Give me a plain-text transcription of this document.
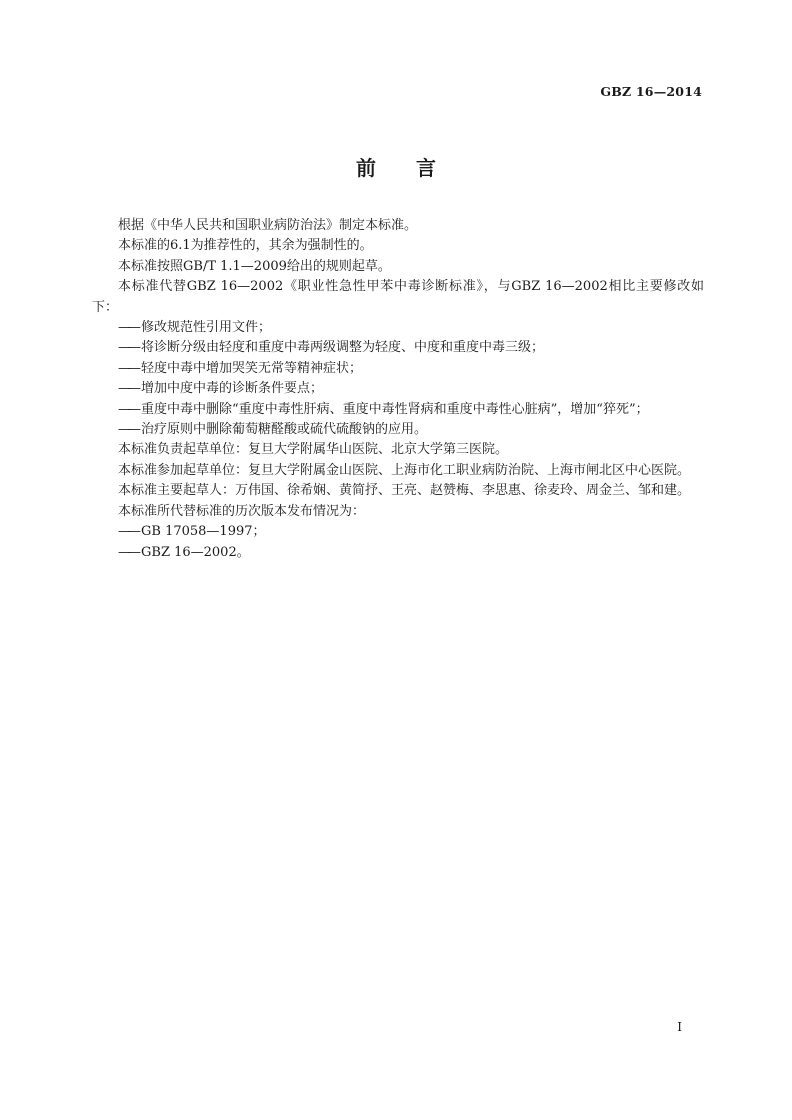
GBZ 16—2014
前言

根据《中华人民共和国职业病防治法》制定本标准。

本标准的6.1为推荐性的，其余为强制性的。

本标准按照GB/T 1.1—2009给出的规则起草。

本标准代替GBZ 16—2002《职业性急性甲苯中毒诊断标准》，与GBZ 16—2002相比主要修改如下：

—— 修改规范性引用文件；

—— 将诊断分级由轻度和重度中毒两级调整为轻度、中度和重度中毒三级；

—— 轻度中毒中增加哭笑无常等精神症状；

—— 增加中度中毒的诊断条件要点；

—— 重度中毒中删除“重度中毒性肝病、重度中毒性肾病和重度中毒性心脏病”，增加“猝死”；

—— 治疗原则中删除葡萄糖醛酸或硫代硫酸钠的应用。

本标准负责起草单位：复旦大学附属华山医院、北京大学第三医院。

本标准参加起草单位：复旦大学附属金山医院、上海市化工职业病防治院、上海市闸北区中心医院。

本标准主要起草人：万伟国、徐希娴、黄简抒、王亮、赵赞梅、李思惠、徐麦玲、周金兰、邹和建。

本标准所代替标准的历次版本发布情况为：

—— GB 17058—1997；

—— GBZ 16—2002。

I
